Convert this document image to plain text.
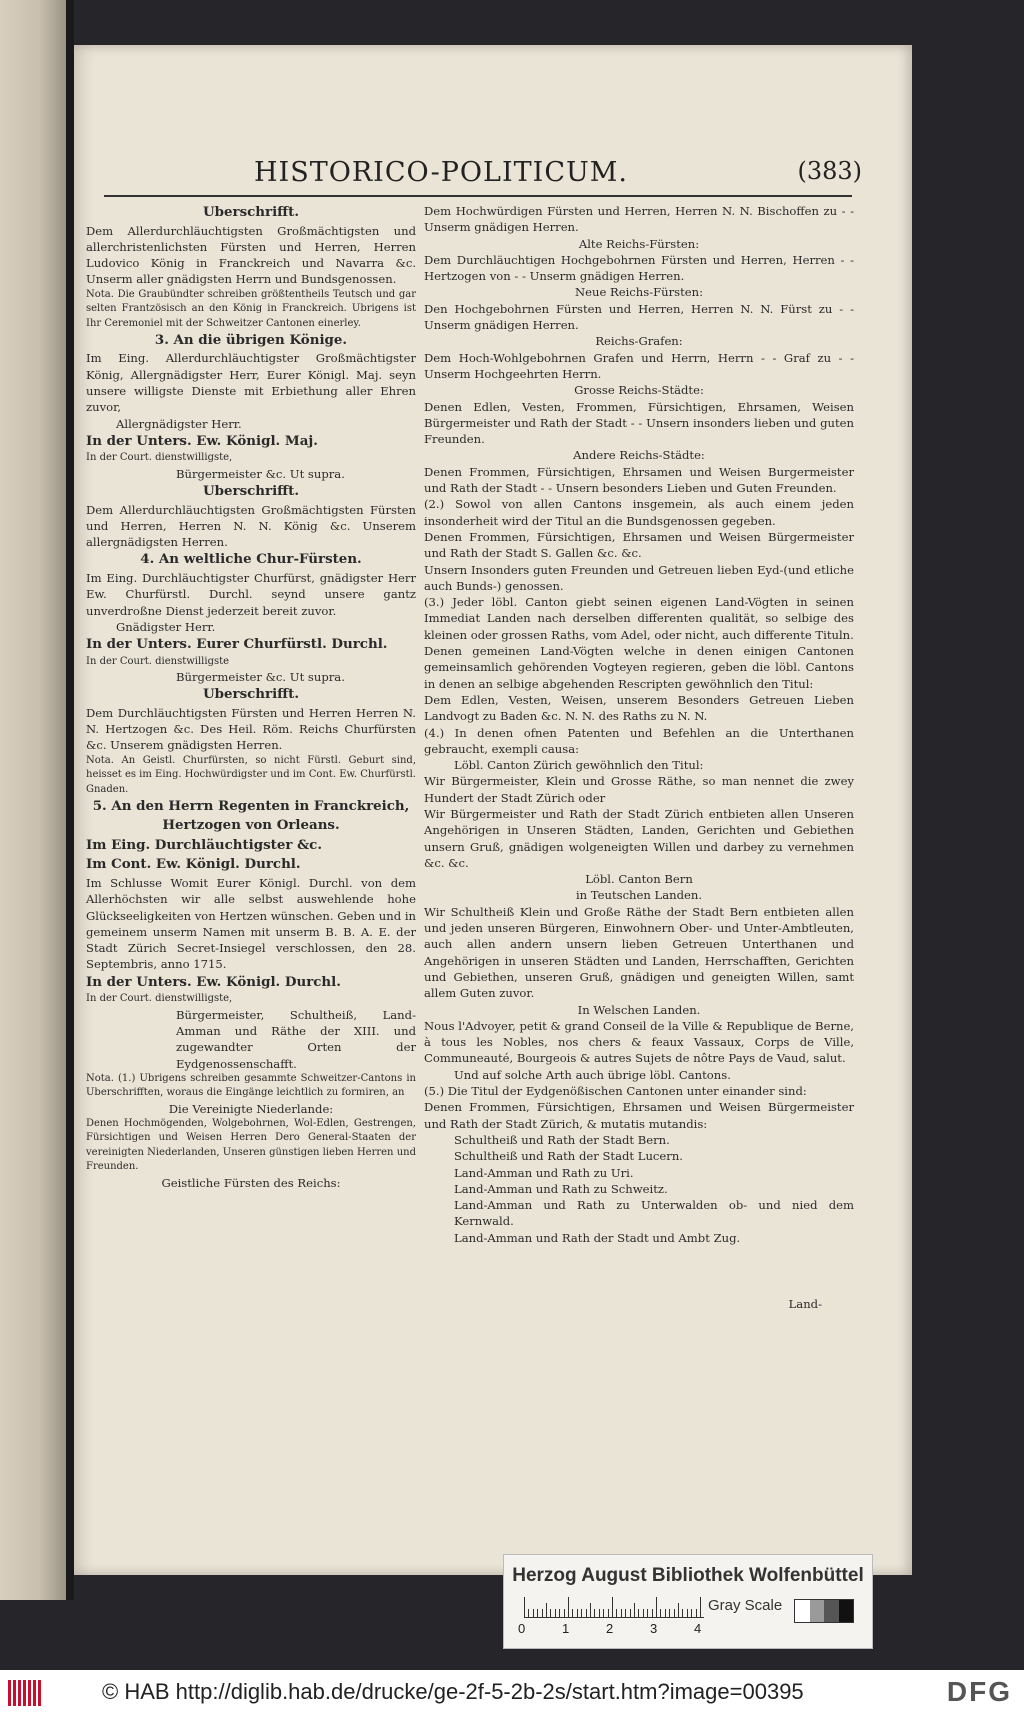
HISTORICO-POLITICUM.	(383)

Uberschrifft.

Dem Allerdurchläuchtigsten Großmächtigsten und allerchristenlichsten Fürsten und Herren, Herren Ludovico König in Franckreich und Navarra &c. Unserm aller gnädigsten Herrn und Bundsgenossen.

Nota. Die Graubündter schreiben größtentheils Teutsch und gar selten Frantzösisch an den König in Franckreich. Ubrigens ist Ihr Ceremoniel mit der Schweitzer Cantonen einerley.

3. An die übrigen Könige.

Im Eing. Allerdurchläuchtigster Großmächtigster König, Allergnädigster Herr, Eurer Königl. Maj. seyn unsere willigste Dienste mit Erbiethung aller Ehren zuvor,

Allergnädigster Herr.

In der Unters. Ew. Königl. Maj.

In der Court. dienstwilligste,

Bürgermeister &c. Ut supra.

Uberschrifft.

Dem Allerdurchläuchtigsten Großmächtigsten Fürsten und Herren, Herren N. N. König &c. Unserem allergnädigsten Herren.

4. An weltliche Chur-Fürsten.

Im Eing. Durchläuchtigster Churfürst, gnädigster Herr Ew. Churfürstl. Durchl. seynd unsere gantz unverdroßne Dienst jederzeit bereit zuvor.

Gnädigster Herr.

In der Unters. Eurer Churfürstl. Durchl.

In der Court. dienstwilligste

Bürgermeister &c. Ut supra.

Uberschrifft.

Dem Durchläuchtigsten Fürsten und Herren Herren N. N. Hertzogen &c. Des Heil. Röm. Reichs Churfürsten &c. Unserem gnädigsten Herren.

Nota. An Geistl. Churfürsten, so nicht Fürstl. Geburt sind, heisset es im Eing. Hochwürdigster und im Cont. Ew. Churfürstl. Gnaden.

5. An den Herrn Regenten in Franckreich, Hertzogen von Orleans.

Im Eing. Durchläuchtigster &c.

Im Cont. Ew. Königl. Durchl.

Im Schlusse Womit Eurer Königl. Durchl. von dem Allerhöchsten wir alle selbst auswehlende hohe Glückseeligkeiten von Hertzen wünschen. Geben und in gemeinem unserm Namen mit unserm B. B. A. E. der Stadt Zürich Secret-Insiegel verschlossen, den 28. Septembris, anno 1715.

In der Unters. Ew. Königl. Durchl.

In der Court. dienstwilligste,

Bürgermeister, Schultheiß, Land-Amman und Räthe der XIII. und zugewandter Orten der Eydgenossenschafft.

Nota. (1.) Ubrigens schreiben gesammte Schweitzer-Cantons in Uberschrifften, woraus die Eingänge leichtlich zu formiren, an

Die Vereinigte Niederlande:

Denen Hochmögenden, Wolgebohrnen, Wol-Edlen, Gestrengen, Fürsichtigen und Weisen Herren Dero General-Staaten der vereinigten Niederlanden, Unseren günstigen lieben Herren und Freunden.

Geistliche Fürsten des Reichs:

Dem Hochwürdigen Fürsten und Herren, Herren N. N. Bischoffen zu - - Unserm gnädigen Herren.

Alte Reichs-Fürsten:

Dem Durchläuchtigen Hochgebohrnen Fürsten und Herren, Herren - - Hertzogen von - - Unserm gnädigen Herren.

Neue Reichs-Fürsten:

Den Hochgebohrnen Fürsten und Herren, Herren N. N. Fürst zu - - Unserm gnädigen Herren.

Reichs-Grafen:

Dem Hoch-Wohlgebohrnen Grafen und Herrn, Herrn - - Graf zu - - Unserm Hochgeehrten Herrn.

Grosse Reichs-Städte:

Denen Edlen, Vesten, Frommen, Fürsichtigen, Ehrsamen, Weisen Bürgermeister und Rath der Stadt - - Unsern insonders lieben und guten Freunden.

Andere Reichs-Städte:

Denen Frommen, Fürsichtigen, Ehrsamen und Weisen Burgermeister und Rath der Stadt - - Unsern besonders Lieben und Guten Freunden.

(2.) Sowol von allen Cantons insgemein, als auch einem jeden insonderheit wird der Titul an die Bundsgenossen gegeben.

Denen Frommen, Fürsichtigen, Ehrsamen und Weisen Bürgermeister und Rath der Stadt S. Gallen &c. &c.

Unsern Insonders guten Freunden und Getreuen lieben Eyd-(und etliche auch Bunds-) genossen.

(3.) Jeder löbl. Canton giebt seinen eigenen Land-Vögten in seinen Immediat Landen nach derselben differenten qualität, so selbige des kleinen oder grossen Raths, vom Adel, oder nicht, auch differente Tituln.

Denen gemeinen Land-Vögten welche in denen einigen Cantonen gemeinsamlich gehörenden Vogteyen regieren, geben die löbl. Cantons in denen an selbige abgehenden Rescripten gewöhnlich den Titul:

Dem Edlen, Vesten, Weisen, unserem Besonders Getreuen Lieben Landvogt zu Baden &c. N. N. des Raths zu N. N.

(4.) In denen ofnen Patenten und Befehlen an die Unterthanen gebraucht, exempli causa:

Löbl. Canton Zürich gewöhnlich den Titul:

Wir Bürgermeister, Klein und Grosse Räthe, so man nennet die zwey Hundert der Stadt Zürich oder

Wir Bürgermeister und Rath der Stadt Zürich entbieten allen Unseren Angehörigen in Unseren Städten, Landen, Gerichten und Gebiethen unsern Gruß, gnädigen wolgeneigten Willen und darbey zu vernehmen &c. &c.

Löbl. Canton Bern

in Teutschen Landen.

Wir Schultheiß Klein und Große Räthe der Stadt Bern entbieten allen und jeden unseren Bürgeren, Einwohnern Ober- und Unter-Ambtleuten, auch allen andern unsern lieben Getreuen Unterthanen und Angehörigen in unseren Städten und Landen, Herrschafften, Gerichten und Gebiethen, unseren Gruß, gnädigen und geneigten Willen, samt allem Guten zuvor.

In Welschen Landen.

Nous l'Advoyer, petit & grand Conseil de la Ville & Republique de Berne, à tous les Nobles, nos chers & feaux Vassaux, Corps de Ville, Communeauté, Bourgeois & autres Sujets de nôtre Pays de Vaud, salut.

Und auf solche Arth auch übrige löbl. Cantons.

(5.) Die Titul der Eydgenößischen Cantonen unter einander sind:

Denen Frommen, Fürsichtigen, Ehrsamen und Weisen Bürgermeister und Rath der Stadt Zürich, & mutatis mutandis:

Schultheiß und Rath der Stadt Bern.

Schultheiß und Rath der Stadt Lucern.

Land-Amman und Rath zu Uri.

Land-Amman und Rath zu Schweitz.

Land-Amman und Rath zu Unterwalden ob- und nied dem Kernwald.

Land-Amman und Rath der Stadt und Ambt Zug.

Land-
Herzog August Bibliothek Wolfenbüttel
0	1	2	3	4
Gray Scale
© HAB http://diglib.hab.de/drucke/ge-2f-5-2b-2s/start.htm?image=00395	DFG
